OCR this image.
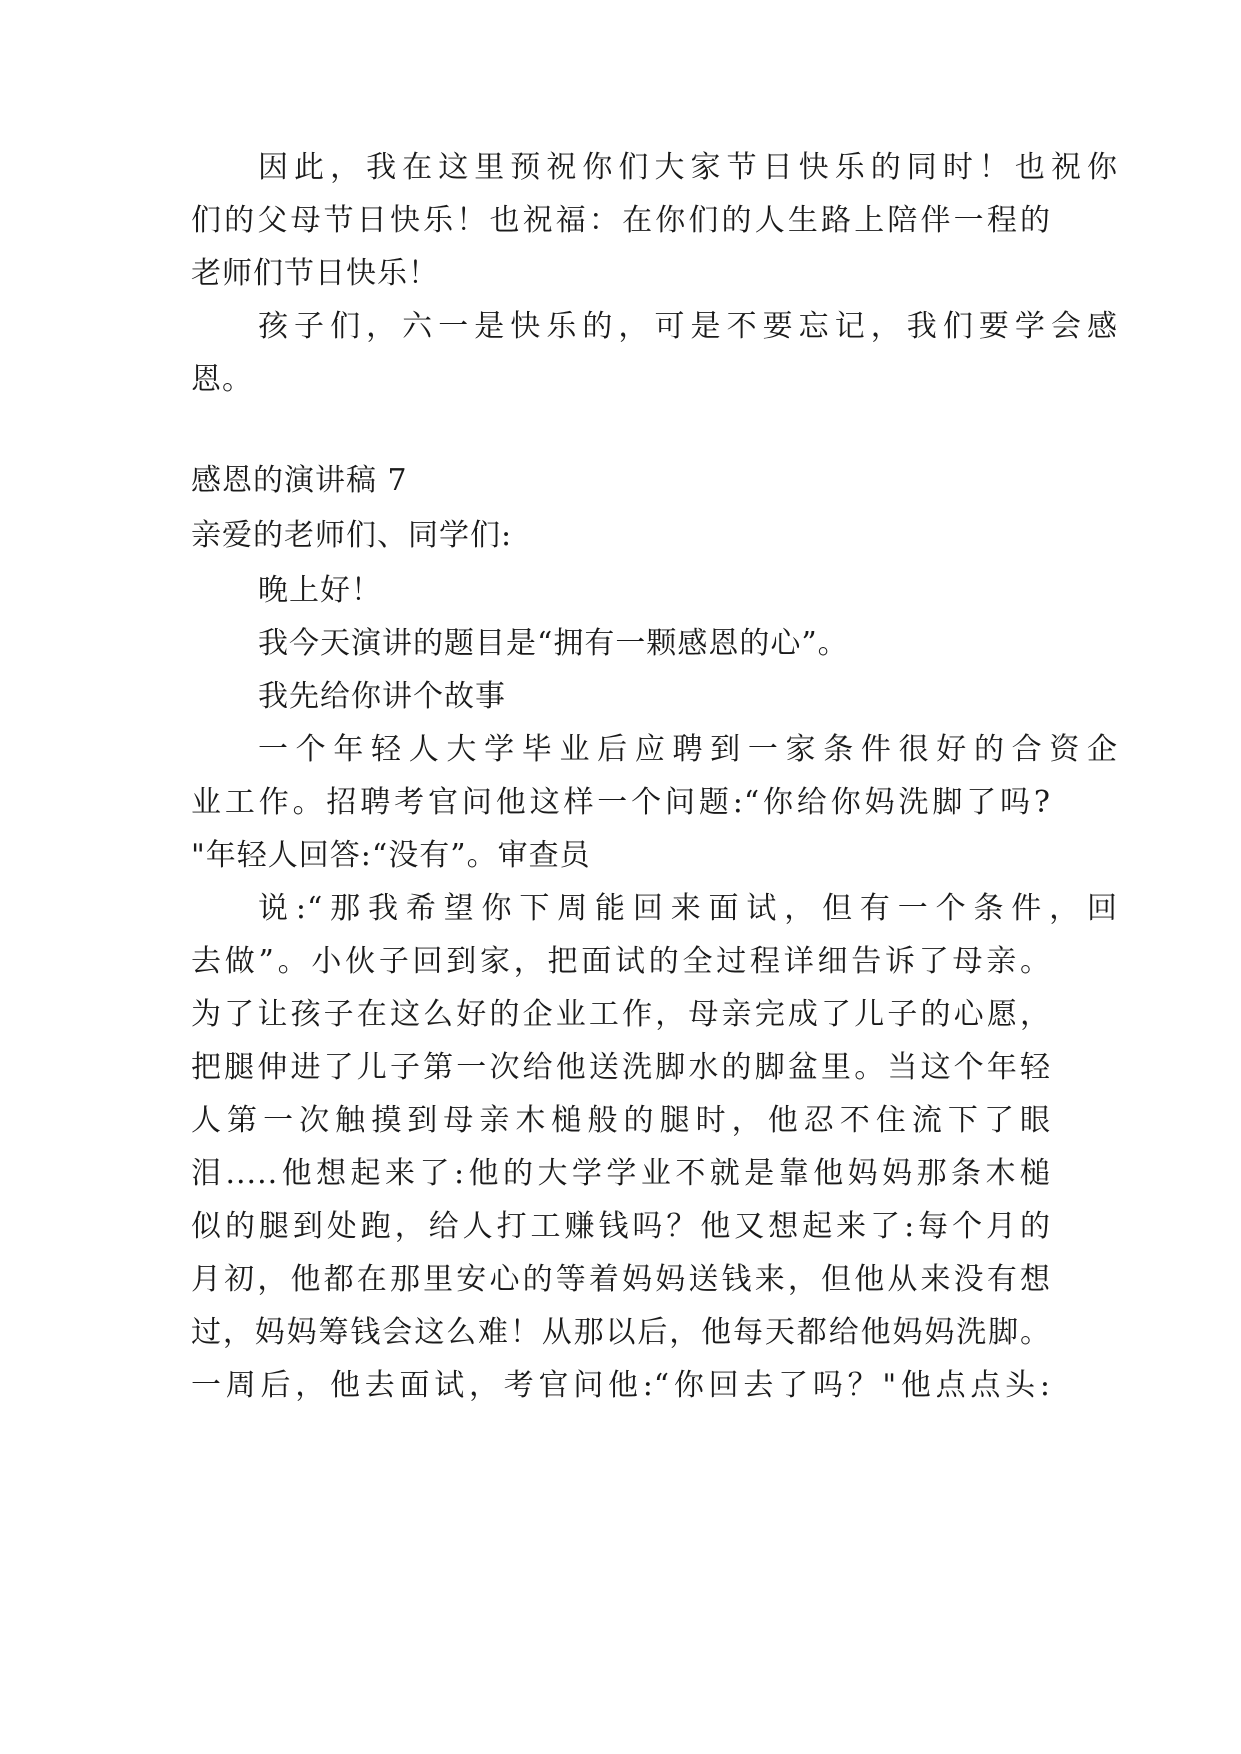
因此，我在这里预祝你们大家节日快乐的同时！也祝你
们的父母节日快乐！也祝福：在你们的人生路上陪伴一程的
老师们节日快乐！
孩子们，六一是快乐的，可是不要忘记，我们要学会感
恩。
感恩的演讲稿 7
亲爱的老师们、同学们:
晚上好！
我今天演讲的题目是“拥有一颗感恩的心”。
我先给你讲个故事
一个年轻人大学毕业后应聘到一家条件很好的合资企
业工作。招聘考官问他这样一个问题:“你给你妈洗脚了吗?
"年轻人回答:“没有”。审查员
说:“那我希望你下周能回来面试，但有一个条件，回
去做”。小伙子回到家，把面试的全过程详细告诉了母亲。
为了让孩子在这么好的企业工作，母亲完成了儿子的心愿，
把腿伸进了儿子第一次给他送洗脚水的脚盆里。当这个年轻
人第一次触摸到母亲木槌般的腿时，他忍不住流下了眼
泪.....他想起来了:他的大学学业不就是靠他妈妈那条木槌
似的腿到处跑，给人打工赚钱吗？他又想起来了:每个月的
月初，他都在那里安心的等着妈妈送钱来，但他从来没有想
过，妈妈筹钱会这么难！从那以后，他每天都给他妈妈洗脚。
一周后，他去面试，考官问他:“你回去了吗？"他点点头:
